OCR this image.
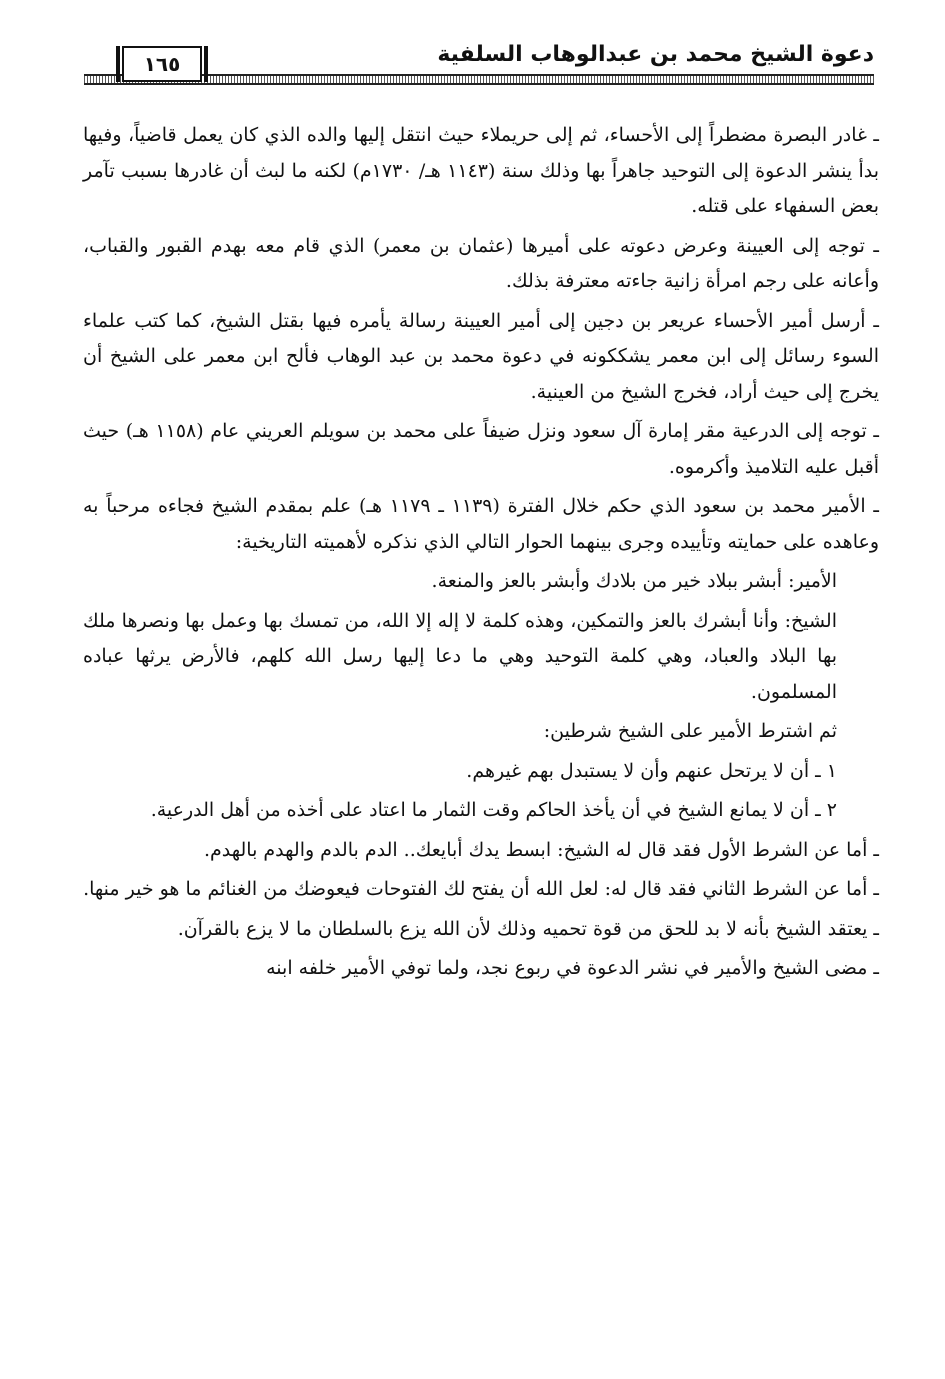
دعوة الشيخ محمد بن عبدالوهاب السلفية
١٦٥

ـ غادر البصرة مضطراً إلى الأحساء، ثم إلى حريملاء حيث انتقل إليها والده الذي كان يعمل قاضياً، وفيها بدأ ينشر الدعوة إلى التوحيد جاهراً بها وذلك سنة (١١٤٣ هـ/ ١٧٣٠م) لكنه ما لبث أن غادرها بسبب تآمر بعض السفهاء على قتله.

ـ توجه إلى العيينة وعرض دعوته على أميرها (عثمان بن معمر) الذي قام معه بهدم القبور والقباب، وأعانه على رجم امرأة زانية جاءته معترفة بذلك.

ـ أرسل أمير الأحساء عريعر بن دجين إلى أمير العيينة رسالة يأمره فيها بقتل الشيخ، كما كتب علماء السوء رسائل إلى ابن معمر يشككونه في دعوة محمد بن عبد الوهاب فألح ابن معمر على الشيخ أن يخرج إلى حيث أراد، فخرج الشيخ من العينية.

ـ توجه إلى الدرعية مقر إمارة آل سعود ونزل ضيفاً على محمد بن سويلم العريني عام (١١٥٨ هـ) حيث أقبل عليه التلاميذ وأكرموه.

ـ الأمير محمد بن سعود الذي حكم خلال الفترة (١١٣٩ ـ ١١٧٩ هـ) علم بمقدم الشيخ فجاءه مرحباً به وعاهده على حمايته وتأييده وجرى بينهما الحوار التالي الذي نذكره لأهميته التاريخية:

الأمير: أبشر ببلاد خير من بلادك وأبشر بالعز والمنعة.

الشيخ: وأنا أبشرك بالعز والتمكين، وهذه كلمة لا إله إلا الله، من تمسك بها وعمل بها ونصرها ملك بها البلاد والعباد، وهي كلمة التوحيد وهي ما دعا إليها رسل الله كلهم، فالأرض يرثها عباده المسلمون.

ثم اشترط الأمير على الشيخ شرطين:

١ ـ أن لا يرتحل عنهم وأن لا يستبدل بهم غيرهم.

٢ ـ أن لا يمانع الشيخ في أن يأخذ الحاكم وقت الثمار ما اعتاد على أخذه من أهل الدرعية.

ـ أما عن الشرط الأول فقد قال له الشيخ: ابسط يدك أبايعك.. الدم بالدم والهدم بالهدم.

ـ أما عن الشرط الثاني فقد قال له: لعل الله أن يفتح لك الفتوحات فيعوضك من الغنائم ما هو خير منها.

ـ يعتقد الشيخ بأنه لا بد للحق من قوة تحميه وذلك لأن الله يزع بالسلطان ما لا يزع بالقرآن.

ـ مضى الشيخ والأمير في نشر الدعوة في ربوع نجد، ولما توفي الأمير خلفه ابنه
